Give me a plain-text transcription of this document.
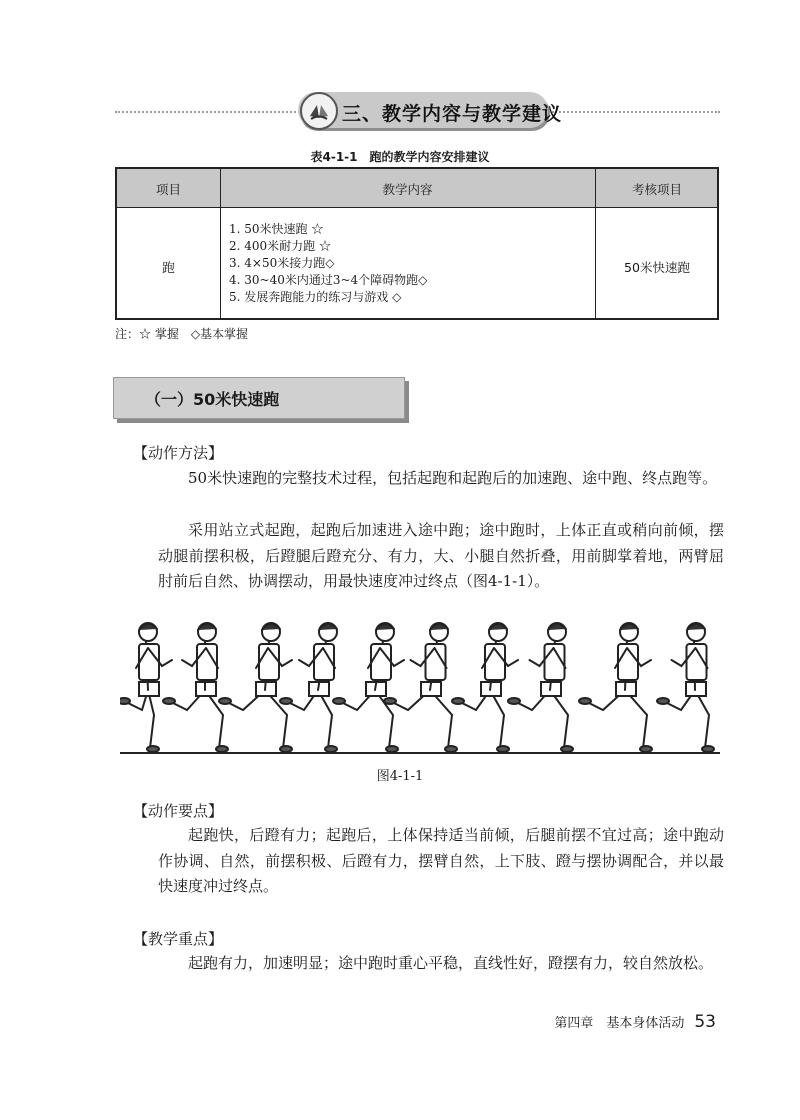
三、教学内容与教学建议
表4-1-1　跑的教学内容安排建议
项目	教学内容	考核项目
跑
1. 50米快速跑 ☆
2. 400米耐力跑 ☆
3. 4×50米接力跑◇
4. 30~40米内通过3~4个障碍物跑◇
5. 发展奔跑能力的练习与游戏 ◇
50米快速跑
注：☆ 掌握　◇基本掌握
（一）50米快速跑
【动作方法】
50米快速跑的完整技术过程，包括起跑和起跑后的加速跑、途中跑、终点跑等。
采用站立式起跑，起跑后加速进入途中跑；途中跑时，上体正直或稍向前倾，摆动腿前摆积极，后蹬腿后蹬充分、有力，大、小腿自然折叠，用前脚掌着地，两臂屈肘前后自然、协调摆动，用最快速度冲过终点（图4-1-1）。
图4-1-1
【动作要点】
起跑快，后蹬有力；起跑后，上体保持适当前倾，后腿前摆不宜过高；途中跑动作协调、自然，前摆积极、后蹬有力，摆臂自然，上下肢、蹬与摆协调配合，并以最快速度冲过终点。
【教学重点】
起跑有力，加速明显；途中跑时重心平稳，直线性好，蹬摆有力，较自然放松。
第四章　基本身体活动 53
